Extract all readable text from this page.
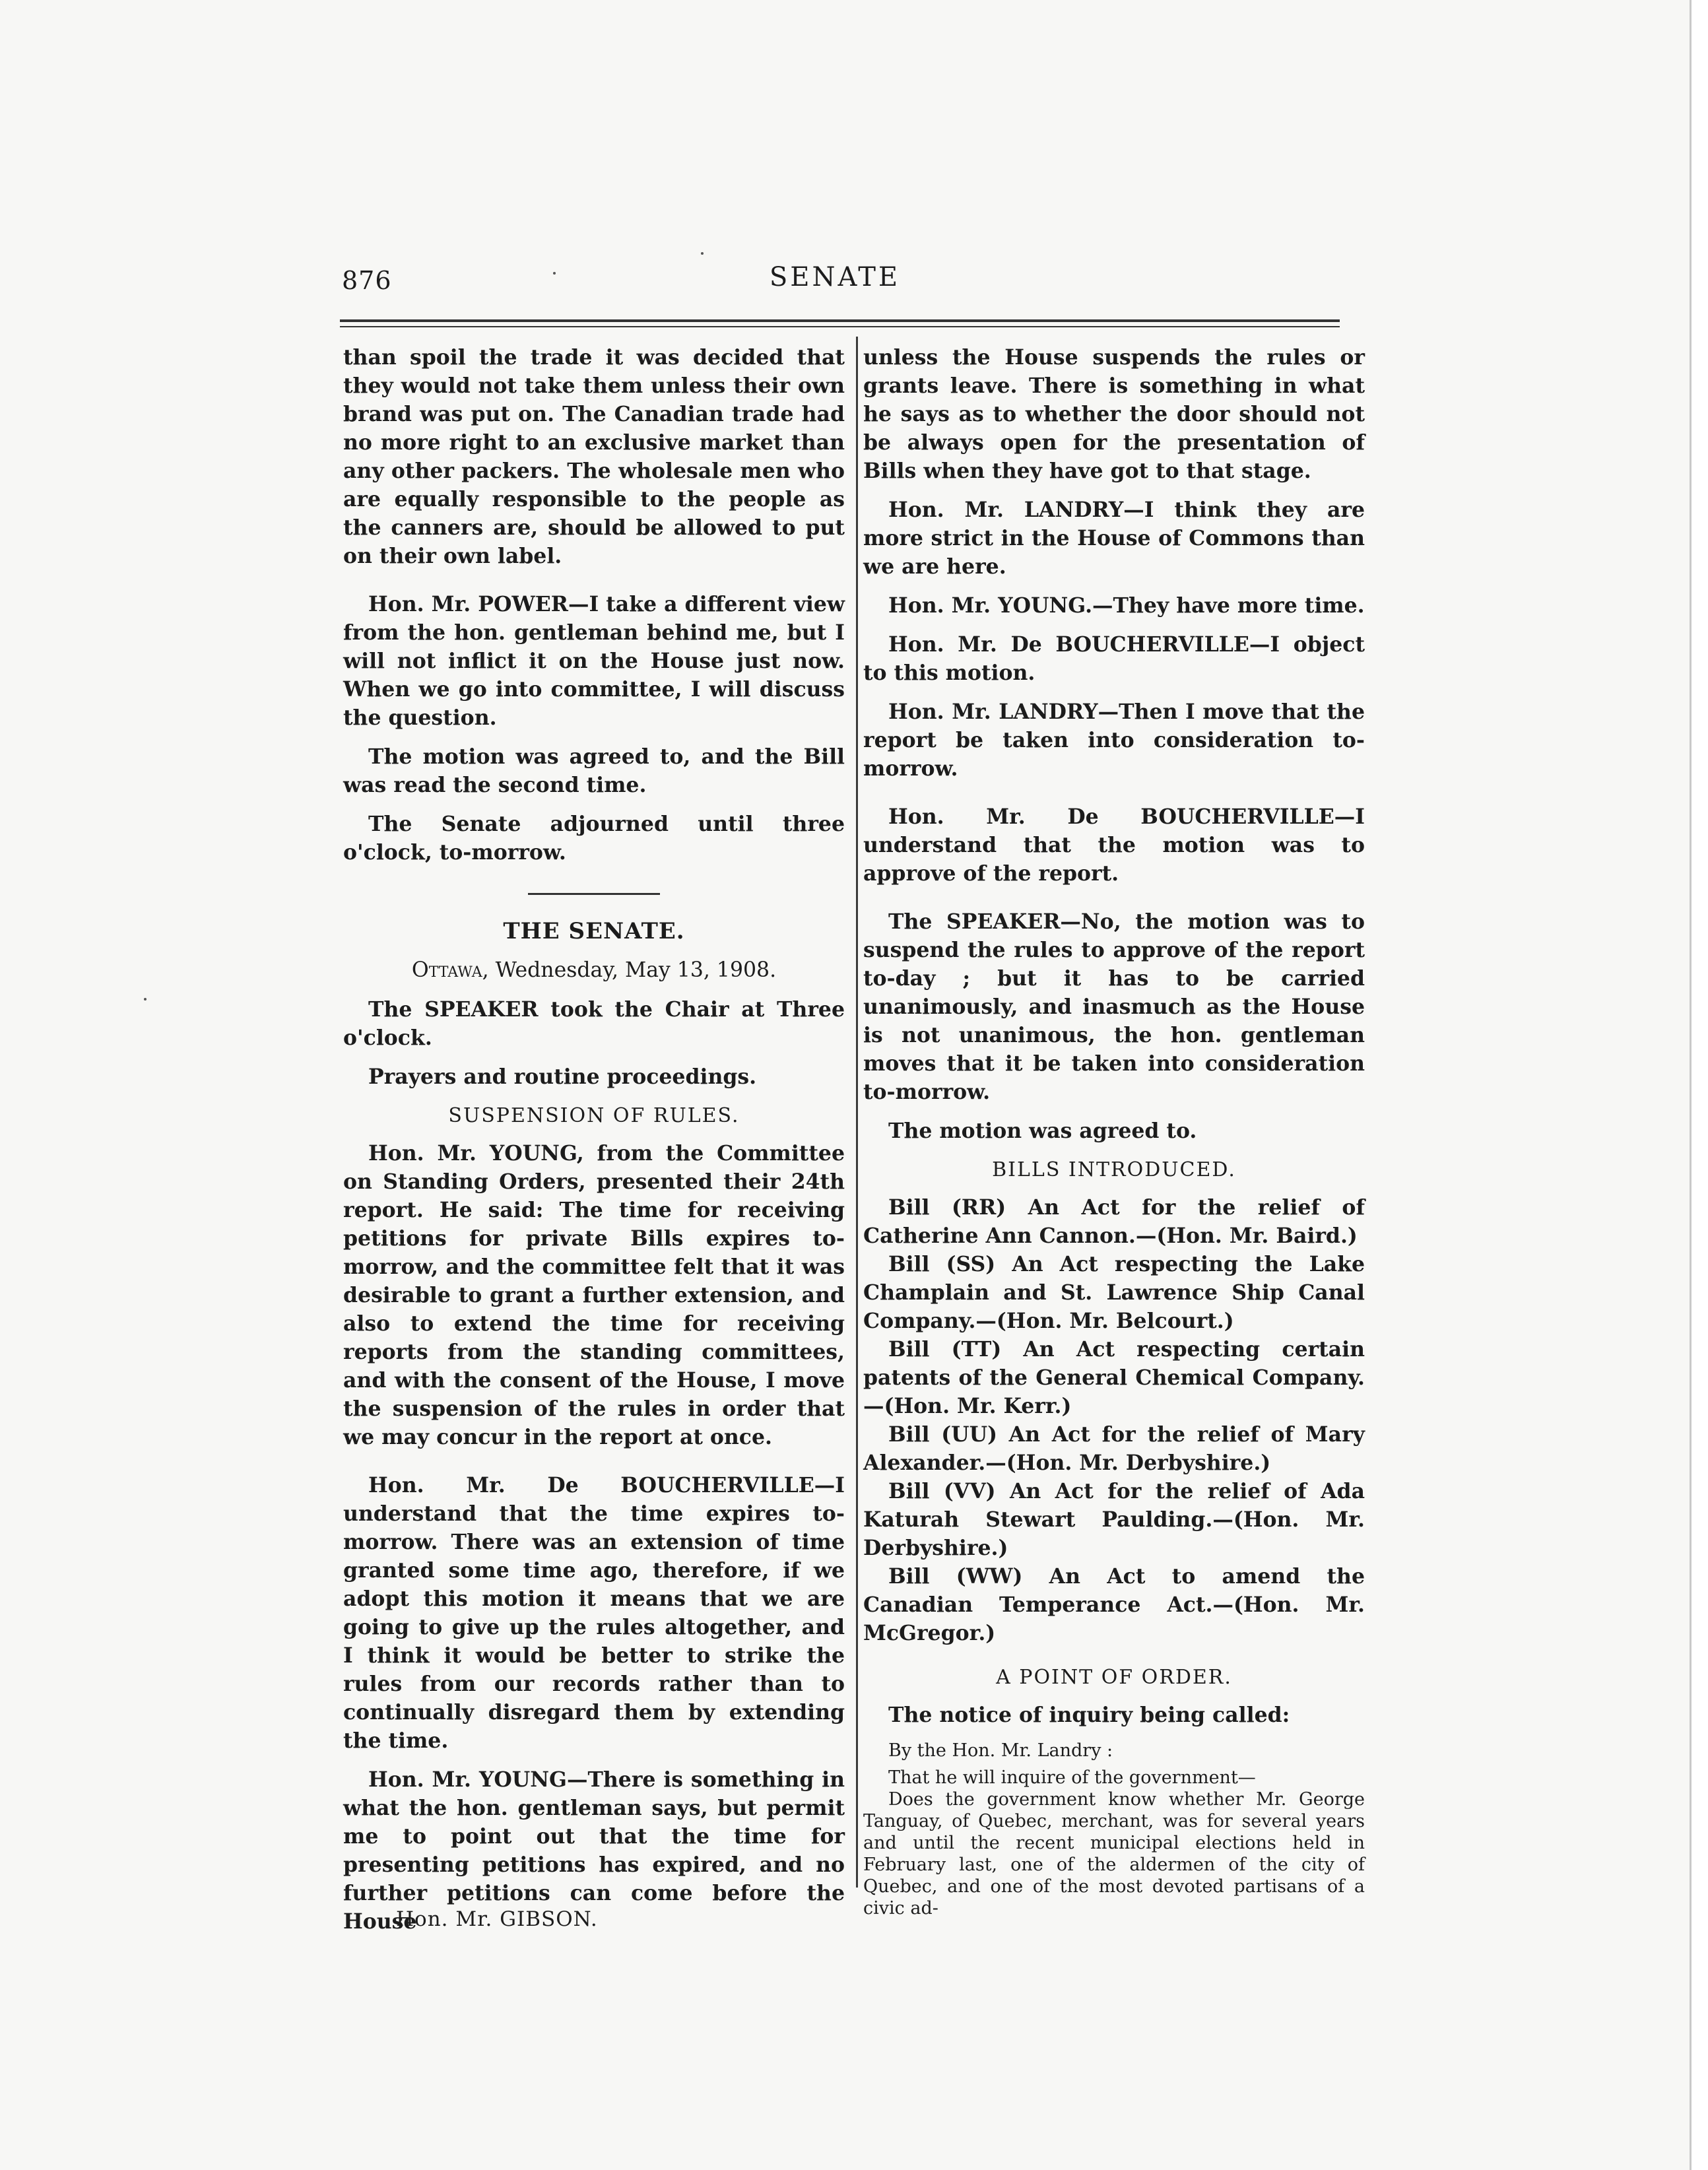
876	SENATE

than spoil the trade it was decided that they would not take them unless their own brand was put on. The Canadian trade had no more right to an exclusive market than any other packers. The wholesale men who are equally responsible to the people as the canners are, should be allowed to put on their own label.

Hon. Mr. POWER—I take a different view from the hon. gentleman behind me, but I will not inflict it on the House just now. When we go into committee, I will discuss the question.

The motion was agreed to, and the Bill was read the second time.

The Senate adjourned until three o'clock, to-morrow.

THE SENATE.

Ottawa, Wednesday, May 13, 1908.

The SPEAKER took the Chair at Three o'clock.

Prayers and routine proceedings.

SUSPENSION OF RULES.

Hon. Mr. YOUNG, from the Committee on Standing Orders, presented their 24th report. He said: The time for receiving petitions for private Bills expires to-morrow, and the committee felt that it was desirable to grant a further extension, and also to extend the time for receiving reports from the standing committees, and with the consent of the House, I move the suspension of the rules in order that we may concur in the report at once.

Hon. Mr. De BOUCHERVILLE—I understand that the time expires to-morrow. There was an extension of time granted some time ago, therefore, if we adopt this motion it means that we are going to give up the rules altogether, and I think it would be better to strike the rules from our records rather than to continually disregard them by extending the time.

Hon. Mr. YOUNG—There is something in what the hon. gentleman says, but permit me to point out that the time for presenting petitions has expired, and no further petitions can come before the House

unless the House suspends the rules or grants leave. There is something in what he says as to whether the door should not be always open for the presentation of Bills when they have got to that stage.

Hon. Mr. LANDRY—I think they are more strict in the House of Commons than we are here.

Hon. Mr. YOUNG.—They have more time.

Hon. Mr. De BOUCHERVILLE—I object to this motion.

Hon. Mr. LANDRY—Then I move that the report be taken into consideration to-morrow.

Hon. Mr. De BOUCHERVILLE—I understand that the motion was to approve of the report.

The SPEAKER—No, the motion was to suspend the rules to approve of the report to-day ; but it has to be carried unanimously, and inasmuch as the House is not unanimous, the hon. gentleman moves that it be taken into consideration to-morrow.

The motion was agreed to.

BILLS INTRODUCED.

Bill (RR) An Act for the relief of Catherine Ann Cannon.—(Hon. Mr. Baird.)

Bill (SS) An Act respecting the Lake Champlain and St. Lawrence Ship Canal Company.—(Hon. Mr. Belcourt.)

Bill (TT) An Act respecting certain patents of the General Chemical Company.—(Hon. Mr. Kerr.)

Bill (UU) An Act for the relief of Mary Alexander.—(Hon. Mr. Derbyshire.)

Bill (VV) An Act for the relief of Ada Katurah Stewart Paulding.—(Hon. Mr. Derbyshire.)

Bill (WW) An Act to amend the Canadian Temperance Act.—(Hon. Mr. McGregor.)

A POINT OF ORDER.

The notice of inquiry being called:

By the Hon. Mr. Landry :

That he will inquire of the government—

Does the government know whether Mr. George Tanguay, of Quebec, merchant, was for several years and until the recent municipal elections held in February last, one of the aldermen of the city of Quebec, and one of the most devoted partisans of a civic ad-

Hon. Mr. GIBSON.
